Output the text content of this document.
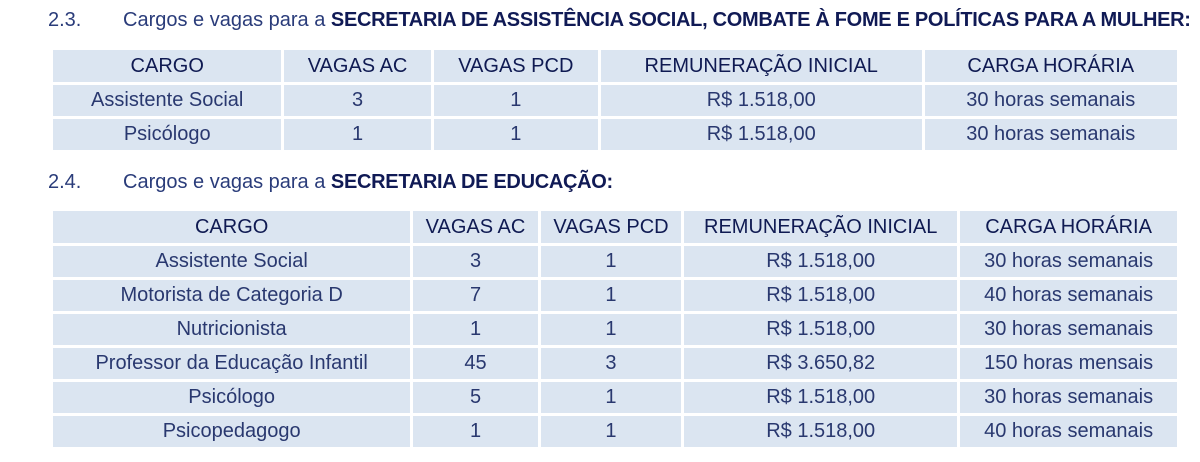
2.3. Cargos e vagas para a SECRETARIA DE ASSISTÊNCIA SOCIAL, COMBATE À FOME E POLÍTICAS PARA A MULHER:
CARGO	VAGAS AC	VAGAS PCD	REMUNERAÇÃO INICIAL	CARGA HORÁRIA
Assistente Social	3	1	R$ 1.518,00	30 horas semanais
Psicólogo	1	1	R$ 1.518,00	30 horas semanais
2.4. Cargos e vagas para a SECRETARIA DE EDUCAÇÃO:
CARGO	VAGAS AC	VAGAS PCD	REMUNERAÇÃO INICIAL	CARGA HORÁRIA
Assistente Social	3	1	R$ 1.518,00	30 horas semanais
Motorista de Categoria D	7	1	R$ 1.518,00	40 horas semanais
Nutricionista	1	1	R$ 1.518,00	30 horas semanais
Professor da Educação Infantil	45	3	R$ 3.650,82	150 horas mensais
Psicólogo	5	1	R$ 1.518,00	30 horas semanais
Psicopedagogo	1	1	R$ 1.518,00	40 horas semanais
